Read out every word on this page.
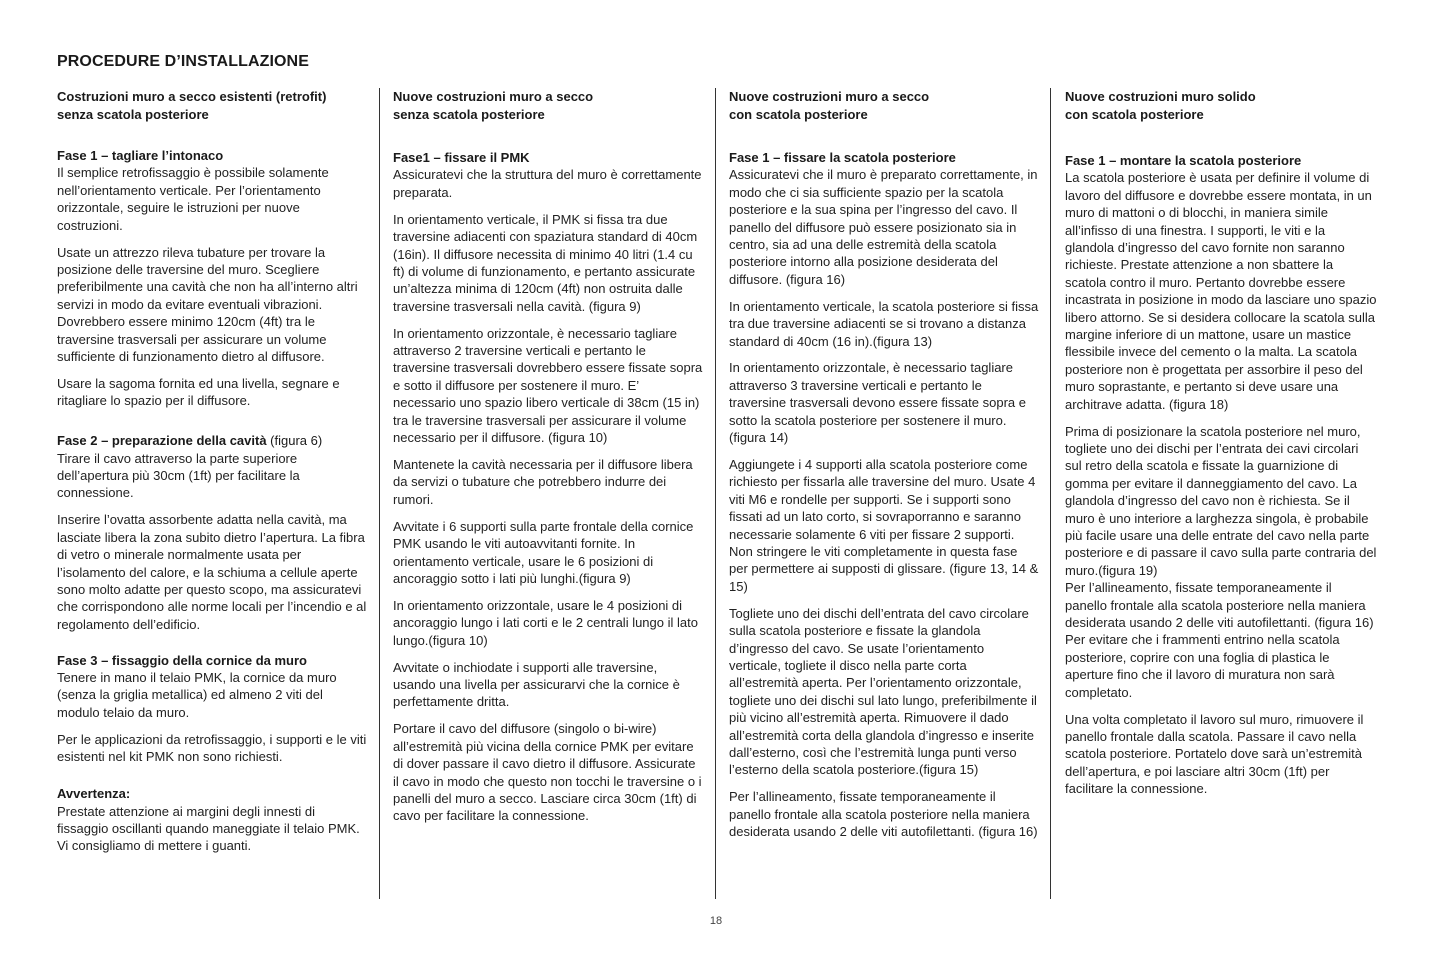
PROCEDURE D’INSTALLAZIONE
Costruzioni muro a secco esistenti (retrofit)
senza scatola posteriore
Fase 1 – tagliare l’intonaco

Il semplice retrofissaggio è possibile solamente nell’orientamento verticale. Per l’orientamento orizzontale, seguire le istruzioni per nuove costruzioni.

Usate un attrezzo rileva tubature per trovare la posizione delle traversine del muro. Scegliere preferibilmente una cavità che non ha all’interno altri servizi in modo da evitare eventuali vibrazioni. Dovrebbero essere minimo 120cm (4ft) tra le traversine trasversali per assicurare un volume sufficiente di funzionamento dietro al diffusore.

Usare la sagoma fornita ed una livella, segnare e ritagliare lo spazio per il diffusore.

Fase 2 – preparazione della cavità (figura 6)

Tirare il cavo attraverso la parte superiore dell’apertura più 30cm (1ft) per facilitare la connessione.

Inserire l’ovatta assorbente adatta nella cavità, ma lasciate libera la zona subito dietro l’apertura. La fibra di vetro o minerale normalmente usata per l’isolamento del calore, e la schiuma a cellule aperte sono molto adatte per questo scopo, ma assicuratevi che corrispondono alle norme locali per l’incendio e al regolamento dell’edificio.

Fase 3 – fissaggio della cornice da muro

Tenere in mano il telaio PMK, la cornice da muro (senza la griglia metallica) ed almeno 2 viti del modulo telaio da muro.

Per le applicazioni da retrofissaggio, i supporti e le viti esistenti nel kit PMK non sono richiesti.

Avvertenza:

Prestate attenzione ai margini degli innesti di fissaggio oscillanti quando maneggiate il telaio PMK. Vi consigliamo di mettere i guanti.

Nuove costruzioni muro a secco
senza scatola posteriore
Fase1 – fissare il PMK

Assicuratevi che la struttura del muro è correttamente preparata.

In orientamento verticale, il PMK si fissa tra due traversine adiacenti con spaziatura standard di 40cm (16in). Il diffusore necessita di minimo 40 litri (1.4 cu ft) di volume di funzionamento, e pertanto assicurate un’altezza minima di 120cm (4ft) non ostruita dalle traversine trasversali nella cavità. (figura 9)

In orientamento orizzontale, è necessario tagliare attraverso 2 traversine verticali e pertanto le traversine trasversali dovrebbero essere fissate sopra e sotto il diffusore per sostenere il muro. E’ necessario uno spazio libero verticale di 38cm (15 in) tra le traversine trasversali per assicurare il volume necessario per il diffusore. (figura 10)

Mantenete la cavità necessaria per il diffusore libera da servizi o tubature che potrebbero indurre dei rumori.

Avvitate i 6 supporti sulla parte frontale della cornice PMK usando le viti autoavvitanti fornite. In orientamento verticale, usare le 6 posizioni di ancoraggio sotto i lati più lunghi.(figura 9)

In orientamento orizzontale, usare le 4 posizioni di ancoraggio lungo i lati corti e le 2 centrali lungo il lato lungo.(figura 10)

Avvitate o inchiodate i supporti alle traversine, usando una livella per assicurarvi che la cornice è perfettamente dritta.

Portare il cavo del diffusore (singolo o bi-wire) all’estremità più vicina della cornice PMK per evitare di dover passare il cavo dietro il diffusore. Assicurate il cavo in modo che questo non tocchi le traversine o i panelli del muro a secco. Lasciare circa 30cm (1ft) di cavo per facilitare la connessione.

Nuove costruzioni muro a secco
con scatola posteriore
Fase 1 – fissare la scatola posteriore

Assicuratevi che il muro è preparato correttamente, in modo che ci sia sufficiente spazio per la scatola posteriore e la sua spina per l’ingresso del cavo. Il panello del diffusore può essere posizionato sia in centro, sia ad una delle estremità della scatola posteriore intorno alla posizione desiderata del diffusore. (figura 16)

In orientamento verticale, la scatola posteriore si fissa tra due traversine adiacenti se si trovano a distanza standard di 40cm (16 in).(figura 13)

In orientamento orizzontale, è necessario tagliare attraverso 3 traversine verticali e pertanto le traversine trasversali devono essere fissate sopra e sotto la scatola posteriore per sostenere il muro. (figura 14)

Aggiungete i 4 supporti alla scatola posteriore come richiesto per fissarla alle traversine del muro. Usate 4 viti M6 e rondelle per supporti. Se i supporti sono fissati ad un lato corto, si sovraporranno e saranno necessarie solamente 6 viti per fissare 2 supporti. Non stringere le viti completamente in questa fase per permettere ai supposti di glissare. (figure 13, 14 & 15)

Togliete uno dei dischi dell’entrata del cavo circolare sulla scatola posteriore e fissate la glandola d’ingresso del cavo. Se usate l’orientamento verticale, togliete il disco nella parte corta all’estremità aperta. Per l’orientamento orizzontale, togliete uno dei dischi sul lato lungo, preferibilmente il più vicino all’estremità aperta. Rimuovere il dado all’estremità corta della glandola d’ingresso e inserite dall’esterno, così che l’estremità lunga punti verso l’esterno della scatola posteriore.(figura 15)

Per l’allineamento, fissate temporaneamente il panello frontale alla scatola posteriore nella maniera desiderata usando 2 delle viti autofilettanti. (figura 16)

Nuove costruzioni muro solido
con scatola posteriore
Fase 1 – montare la scatola posteriore

La scatola posteriore è usata per definire il volume di lavoro del diffusore e dovrebbe essere montata, in un muro di mattoni o di blocchi, in maniera simile all’infisso di una finestra. I supporti, le viti e la glandola d’ingresso del cavo fornite non saranno richieste. Prestate attenzione a non sbattere la scatola contro il muro. Pertanto dovrebbe essere incastrata in posizione in modo da lasciare uno spazio libero attorno. Se si desidera collocare la scatola sulla margine inferiore di un mattone, usare un mastice flessibile invece del cemento o la malta. La scatola posteriore non è progettata per assorbire il peso del muro soprastante, e pertanto si deve usare una architrave adatta. (figura 18)

Prima di posizionare la scatola posteriore nel muro, togliete uno dei dischi per l’entrata dei cavi circolari sul retro della scatola e fissate la guarnizione di gomma per evitare il danneggiamento del cavo. La glandola d’ingresso del cavo non è richiesta. Se il muro è uno interiore a larghezza singola, è probabile più facile usare una delle entrate del cavo nella parte posteriore e di passare il cavo sulla parte contraria del muro.(figura 19)

Per l’allineamento, fissate temporaneamente il panello frontale alla scatola posteriore nella maniera desiderata usando 2 delle viti autofilettanti. (figura 16)

Per evitare che i frammenti entrino nella scatola posteriore, coprire con una foglia di plastica le aperture fino che il lavoro di muratura non sarà completato.

Una volta completato il lavoro sul muro, rimuovere il panello frontale dalla scatola. Passare il cavo nella scatola posteriore. Portatelo dove sarà un’estremità dell’apertura, e poi lasciare altri 30cm (1ft) per facilitare la connessione.

18
